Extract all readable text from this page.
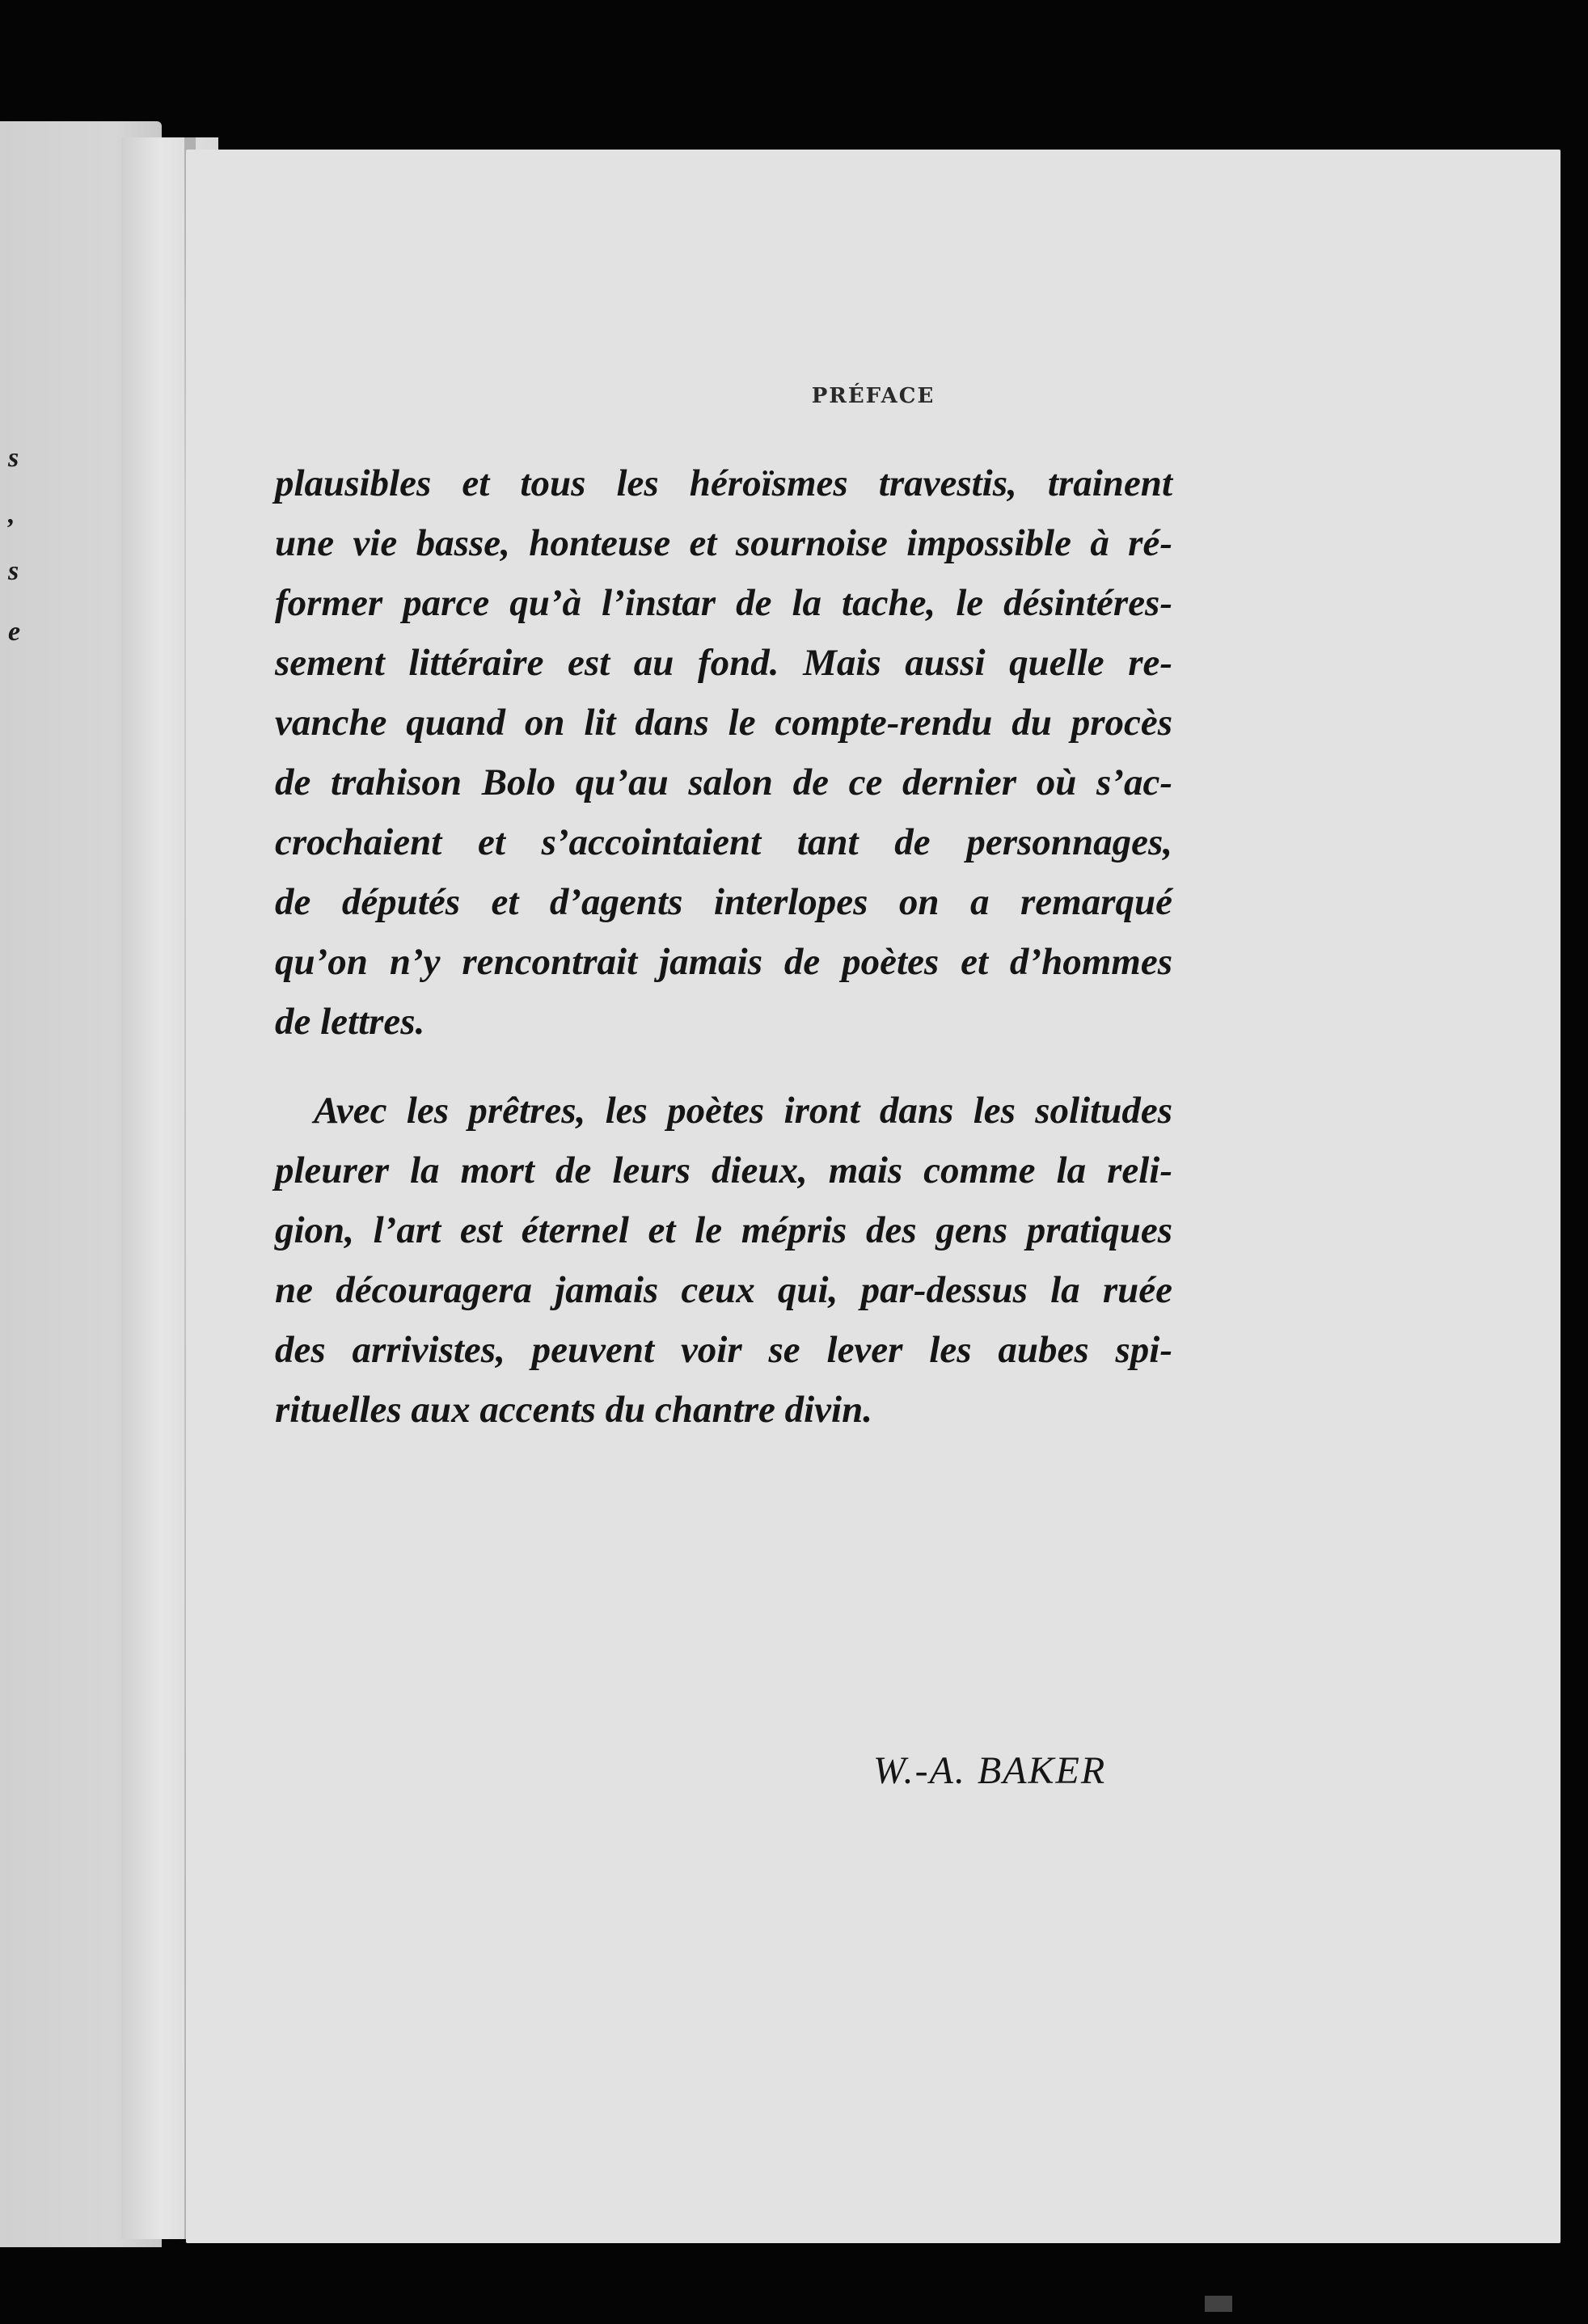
s
,
s
e
PRÉFACE
plausibles et tous les héroïsmes travestis, trainent
une vie basse, honteuse et sournoise impossible à ré-
former parce qu’à l’instar de la tache, le désintéres-
sement littéraire est au fond. Mais aussi quelle re-
vanche quand on lit dans le compte-rendu du procès
de trahison Bolo qu’au salon de ce dernier où s’ac-
crochaient et s’accointaient tant de personnages,
de députés et d’agents interlopes on a remarqué
qu’on n’y rencontrait jamais de poètes et d’hommes
de lettres.
Avec les prêtres, les poètes iront dans les solitudes
pleurer la mort de leurs dieux, mais comme la reli-
gion, l’art est éternel et le mépris des gens pratiques
ne découragera jamais ceux qui, par-dessus la ruée
des arrivistes, peuvent voir se lever les aubes spi-
rituelles aux accents du chantre divin.
W.-A. BAKER
